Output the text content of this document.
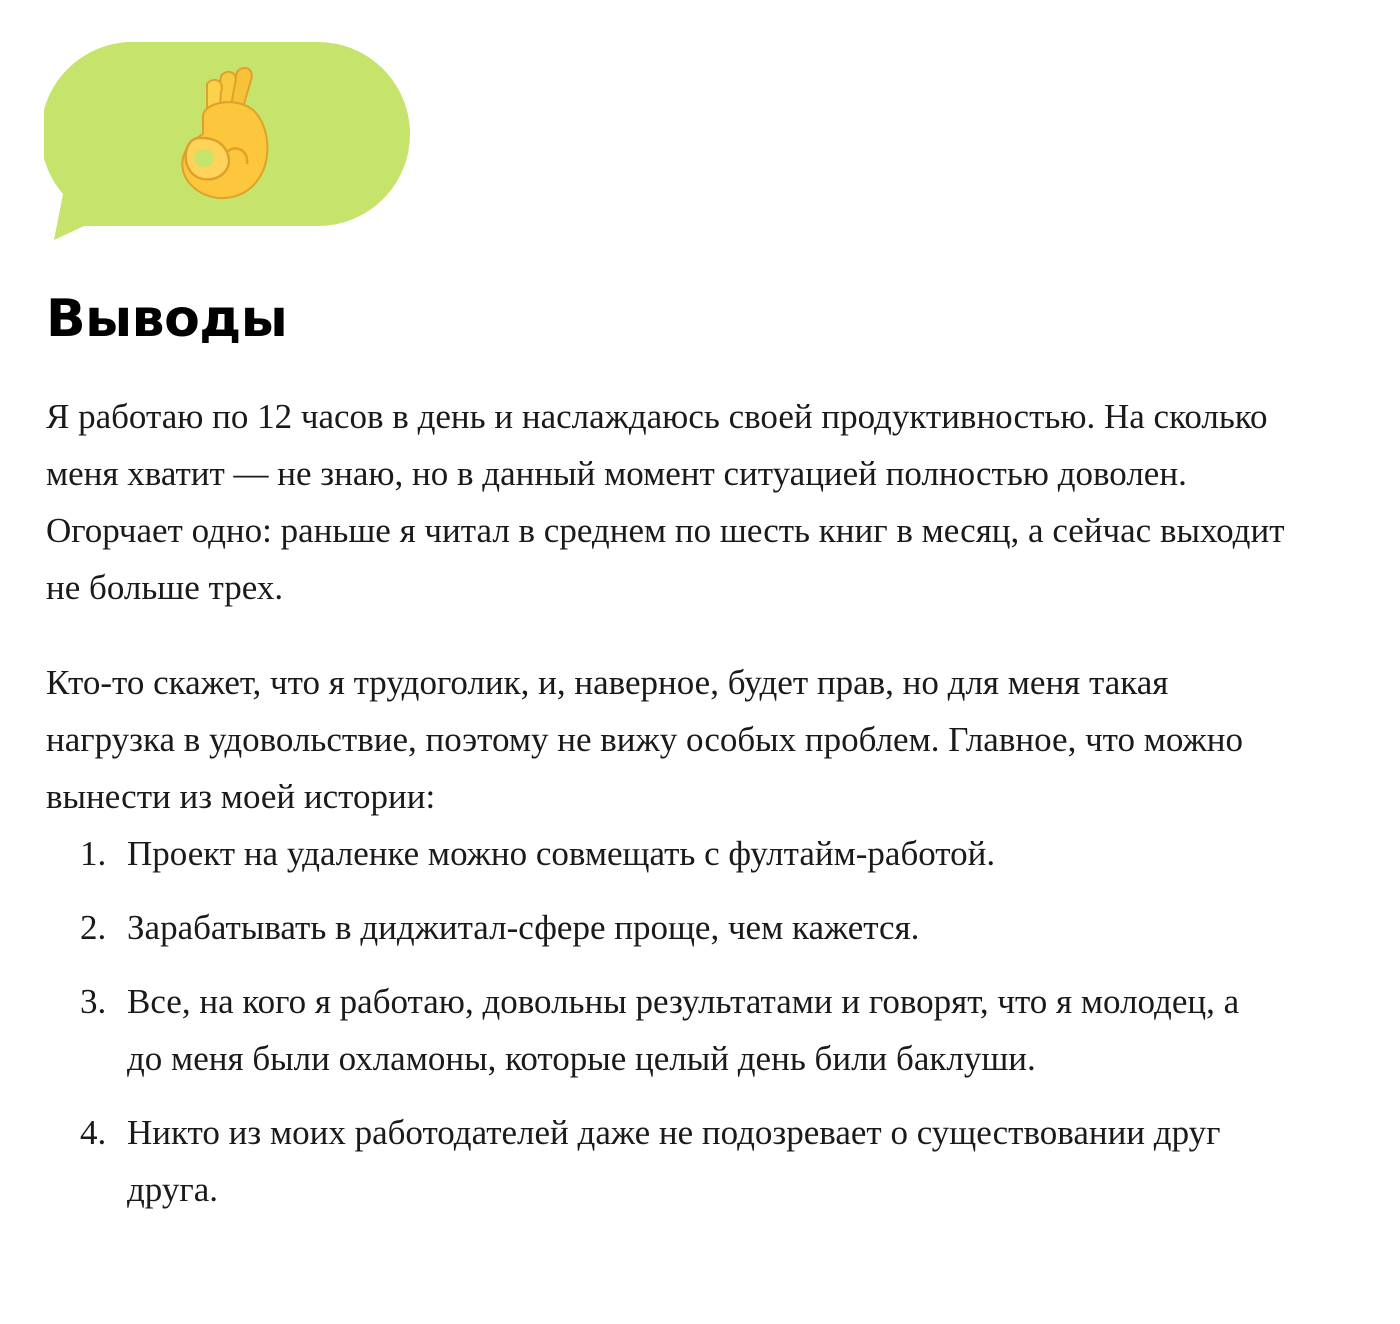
Выводы

Я работаю по 12 часов в день и наслаждаюсь своей продуктивностью. На сколько меня хватит — не знаю, но в данный момент ситуацией полностью доволен. Огорчает одно: раньше я читал в среднем по шесть книг в месяц, а сейчас выходит не больше трех.

Кто-то скажет, что я трудоголик, и, наверное, будет прав, но для меня такая нагрузка в удовольствие, поэтому не вижу особых проблем. Главное, что можно вынести из моей истории:

1. Проект на удаленке можно совмещать с фултайм-работой.
2. Зарабатывать в диджитал-сфере проще, чем кажется.
3. Все, на кого я работаю, довольны результатами и говорят, что я молодец, а до меня были охламоны, которые целый день били баклуши.
4. Никто из моих работодателей даже не подозревает о существовании друг друга.
